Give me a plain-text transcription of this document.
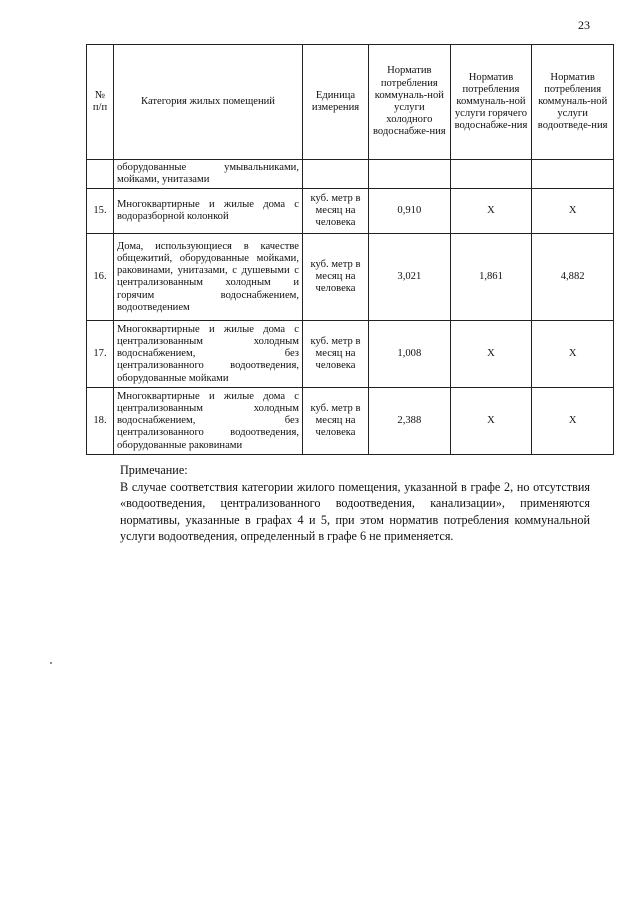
23
№ п/п	Категория жилых помещений	Единица измерения	Норматив потребления коммуналь-ной услуги холодного водоснабже-ния	Норматив потребления коммуналь-ной услуги горячего водоснабже-ния	Норматив потребления коммуналь-ной услуги водоотведе-ния
	оборудованные умывальниками, мойками, унитазами				
15.	Многоквартирные и жилые дома с водоразборной колонкой	куб. метр в месяц на человека	0,910	Х	Х
16.	Дома, использующиеся в качестве общежитий, оборудованные мойками, раковинами, унитазами, с душевыми с централизованным холодным и горячим водоснабжением, водоотведением	куб. метр в месяц на человека	3,021	1,861	4,882
17.	Многоквартирные и жилые дома с централизованным холодным водоснабжением, без централизованного водоотведения, оборудованные мойками	куб. метр в месяц на человека	1,008	Х	Х
18.	Многоквартирные и жилые дома с централизованным холодным водоснабжением, без централизованного водоотведения, оборудованные раковинами	куб. метр в месяц на человека	2,388	Х	Х

Примечание:

В случае соответствия категории жилого помещения, указанной в графе 2, но отсутствия «водоотведения, централизованного водоотведения, канализации», применяются нормативы, указанные в графах 4 и 5, при этом норматив потребления коммунальной услуги водоотведения, определенный в графе 6 не применяется.
